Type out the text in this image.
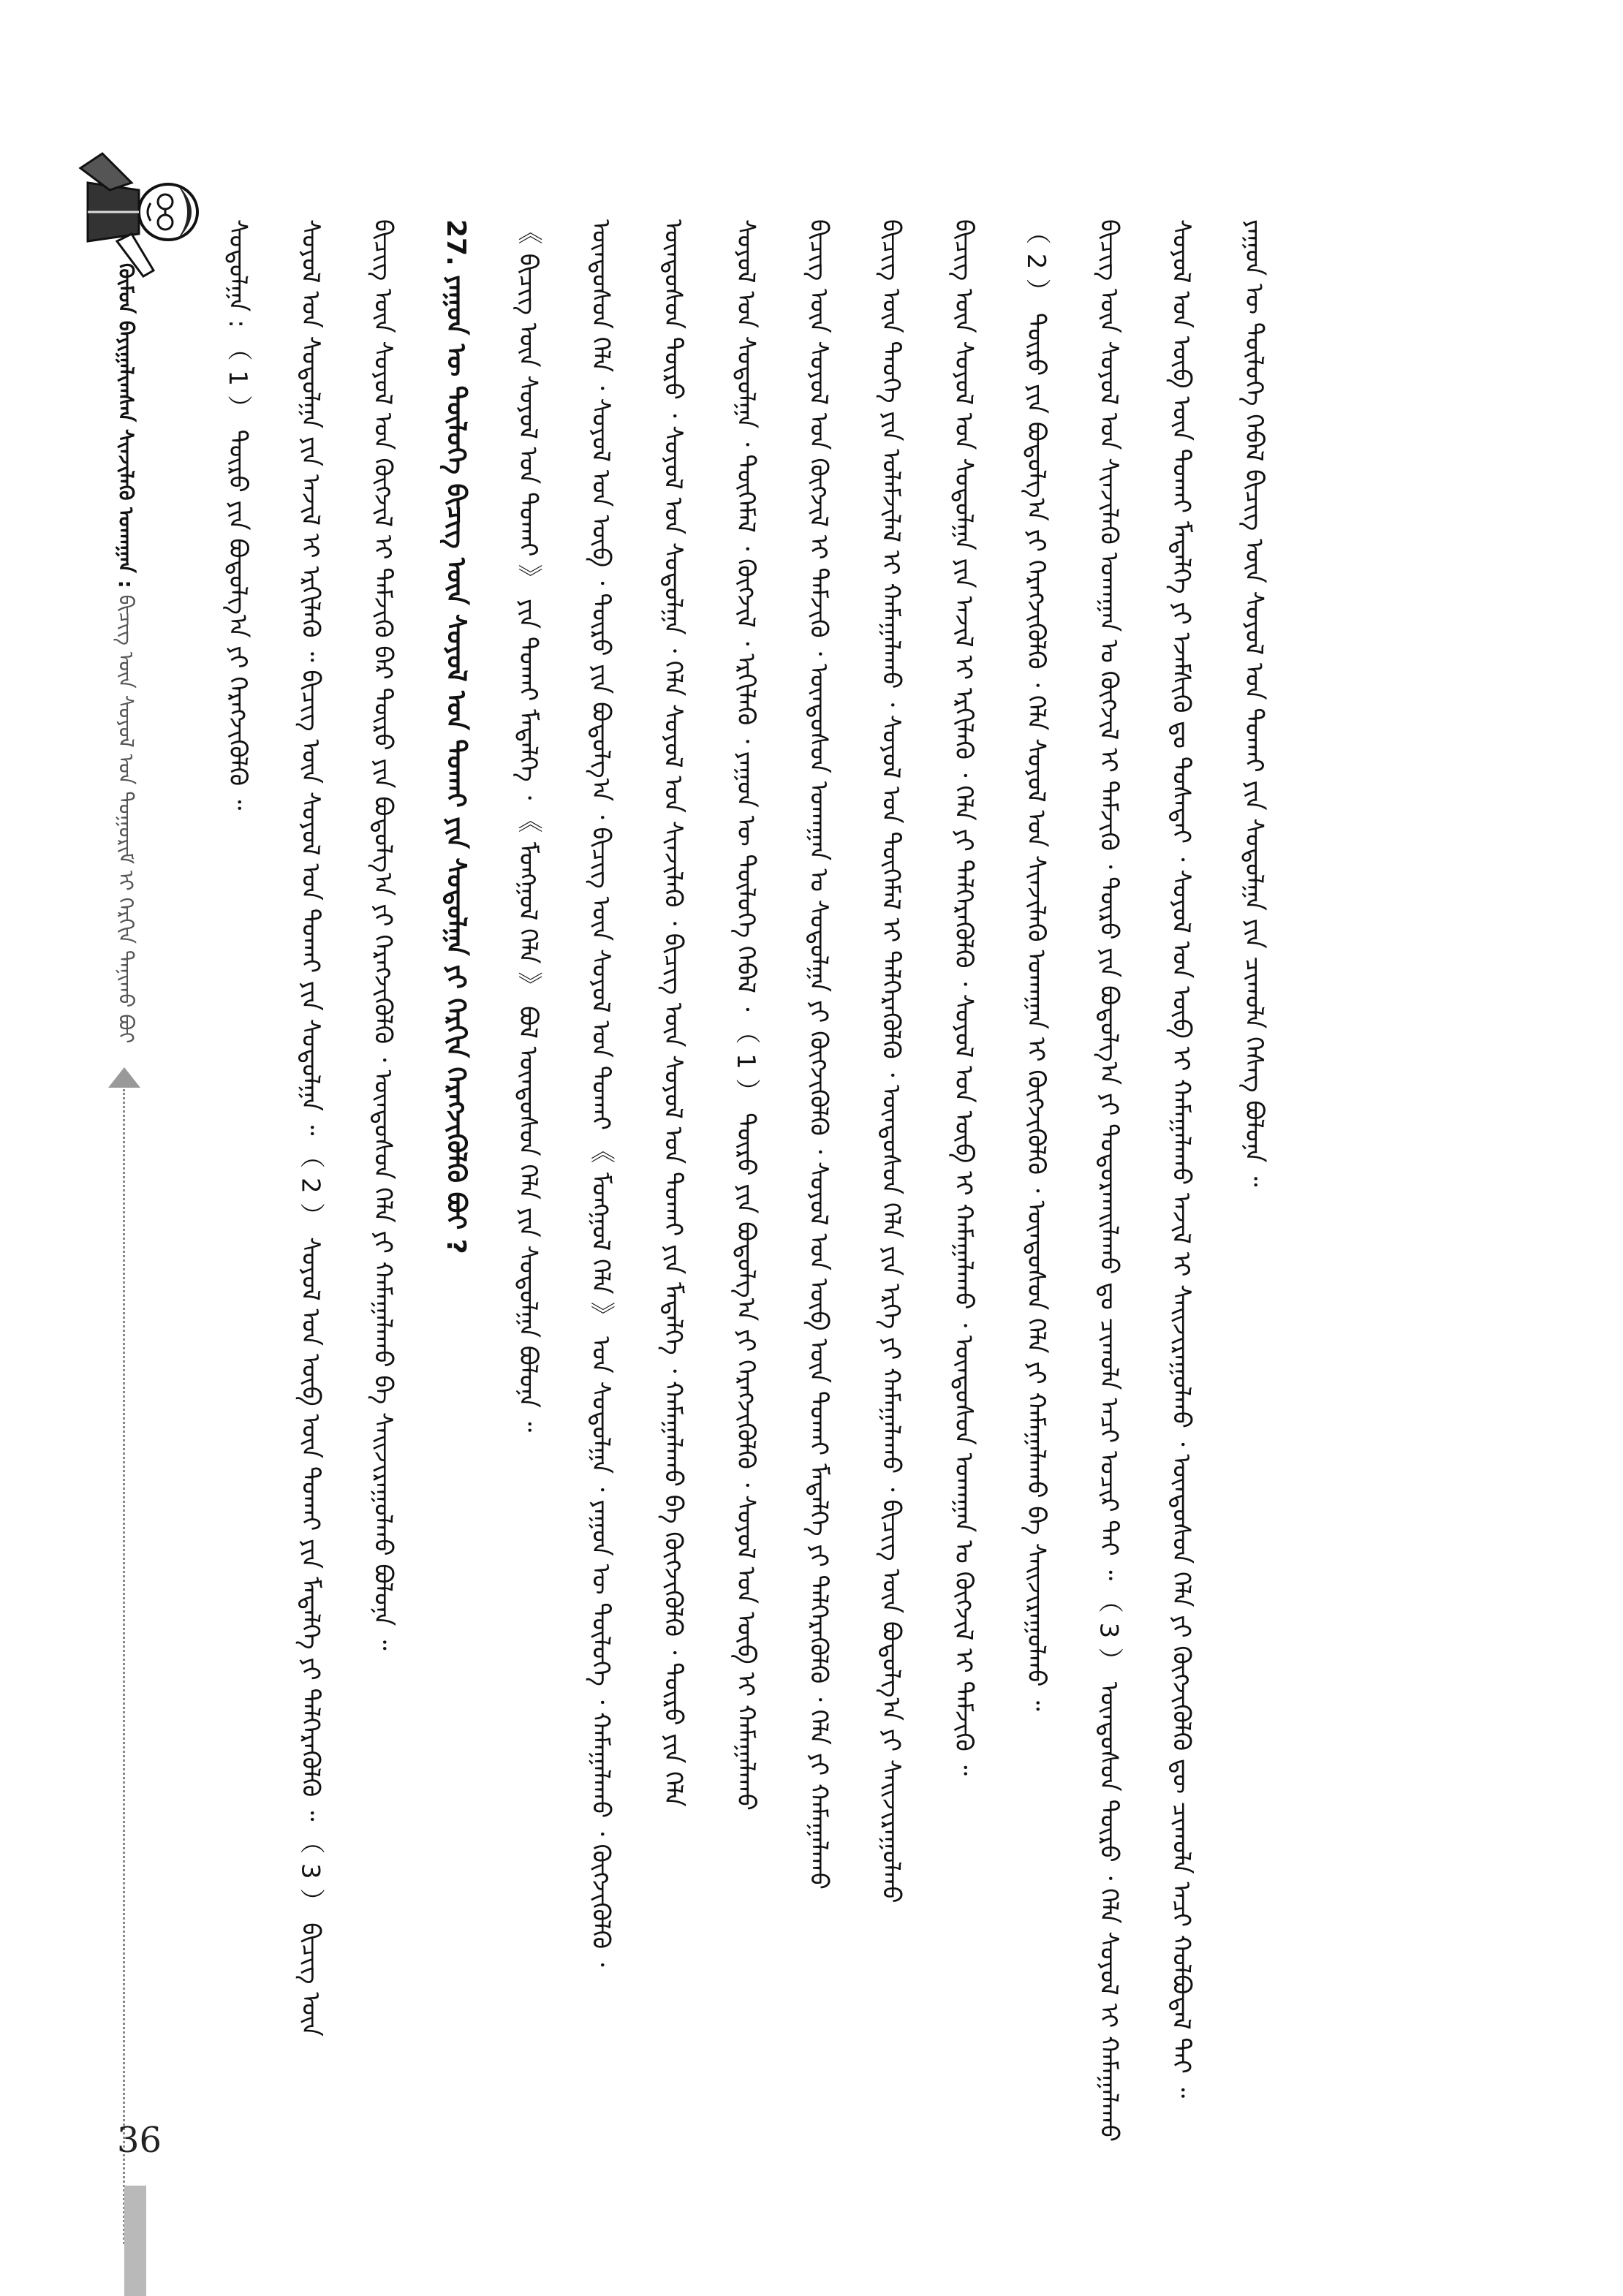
ᠬᠦᠮᠦᠨ ᠪᠠᠶᠢᠭᠠᠯᠢᠭᠰᠠᠨ ᠰᠢᠨᠵᠢᠯᠡᠬᠦ ᠤᠬᠠᠭᠠᠨ : ᠪᠢᠴᠢᠭ ᠦᠨ ᠰᠣᠶᠣᠯ ᠤᠨ ᠲᠣᠭᠤᠷᠢᠮ ᠢ ᠬᠡᠷᠬᠢᠨ ᠲᠠᠨᠢᠬᠤ ᠪᠤᠢ	ᠶᠠᠭᠤᠨ ᠦ ᠲᠥᠯᠦᠭᠡ ᠭᠡᠪᠡᠯ ᠪᠢᠴᠢᠭ ᠦᠨ ᠰᠣᠶᠣᠯ ᠤᠨ ᠲᠤᠬᠠᠢ ᠶᠢᠨ ᠰᠤᠳᠤᠯᠭᠠ ᠶᠢᠨ ᠴᠢᠬᠤᠯᠠ ᠬᠡᠰᠡᠭ ᠪᠣᠯᠤᠨᠠ ᠃
ᠰᠣᠶᠣᠯ ᠤᠨ ᠥᠪ ᠦᠨ ᠲᠤᠬᠠᠢ ᠮᠡᠳᠡᠯᠭᠡ ᠶᠢ ᠡᠵᠡᠮᠰᠢᠬᠦ ᠳᠤ ᠲᠤᠰᠠᠲᠠᠢ ᠂ ᠰᠣᠶᠣᠯ ᠤᠨ ᠥᠪ ᠢ ᠬᠠᠮᠠᠭᠠᠯᠠᠬᠤ ᠠᠵᠢᠯ ᠢ ᠰᠠᠢᠵᠢᠷᠠᠭᠤᠯᠬᠤ ᠂ ᠦᠨᠳᠦᠰᠦᠨ ᠬᠡᠯᠡ ᠶᠢ ᠬᠥᠭᠵᠢᠭᠦᠯᠬᠦ ᠳᠦ ᠴᠢᠬᠤᠯᠠ ᠠᠴᠢ ᠬᠣᠯᠪᠣᠳᠠᠯ ᠲᠠᠢ ᠃
ᠪᠢᠴᠢᠭ ᠦᠨ ᠰᠣᠶᠣᠯ ᠤᠨ ᠰᠢᠨᠵᠢᠯᠡᠬᠦ ᠤᠬᠠᠭᠠᠨ ᠤ ᠬᠥᠭᠵᠢᠯ ᠢ ᠳᠡᠮᠵᠢᠬᠦ ᠂ ᠲᠥᠷᠦ ᠶᠢᠨ ᠪᠣᠳᠣᠯᠭ᠎ᠠ ᠶᠢ ᠲᠣᠳᠤᠷᠬᠠᠢᠯᠠᠬᠤ ᠳᠤ ᠴᠢᠬᠤᠯᠠ ᠠᠴᠢ ᠤᠴᠢᠷ ᠲᠠᠢ ᠃ （ 3 ） ᠦᠨᠳᠦᠰᠦᠨ ᠲᠥᠷᠦ ᠂ ᠬᠡᠯᠡ ᠰᠣᠶᠣᠯ ᠢ ᠬᠠᠮᠠᠭᠠᠯᠠᠬᠤ
（ 2 ） ᠲᠥᠷᠦ ᠶᠢᠨ ᠪᠣᠳᠣᠯᠭ᠎ᠠ ᠶᠢ ᠬᠡᠷᠡᠭᠵᠢᠭᠦᠯᠬᠦ ᠂ ᠬᠡᠯᠡ ᠰᠣᠶᠣᠯ ᠤᠨ ᠰᠢᠨᠵᠢᠯᠡᠬᠦ ᠤᠬᠠᠭᠠᠨ ᠢ ᠬᠥᠭᠵᠢᠭᠦᠯᠬᠦ ᠂ ᠦᠨᠳᠦᠰᠦᠨ ᠬᠡᠯᠡ ᠶᠢ ᠬᠠᠮᠠᠭᠠᠯᠠᠬᠤ ᠪᠠ ᠰᠠᠢᠵᠢᠷᠠᠭᠤᠯᠬᠤ ᠃
ᠪᠢᠴᠢᠭ ᠦᠨ ᠰᠣᠶᠣᠯ ᠤᠨ ᠰᠤᠳᠤᠯᠭᠠ ᠶᠢᠨ ᠠᠵᠢᠯ ᠢ ᠡᠷᠬᠢᠯᠡᠬᠦ ᠂ ᠬᠡᠯᠡ ᠶᠢ ᠲᠡᠯᠭᠡᠷᠡᠭᠦᠯᠬᠦ ᠂ ᠰᠣᠶᠣᠯ ᠤᠨ ᠥᠪ ᠢ ᠬᠠᠮᠠᠭᠠᠯᠠᠬᠤ ᠂ ᠦᠨᠳᠦᠰᠦᠨ ᠤᠬᠠᠭᠠᠨ ᠤ ᠬᠥᠭᠵᠢᠯ ᠢ ᠳᠡᠮᠵᠢᠬᠦ ᠃
ᠪᠢᠴᠢᠭ ᠦᠨ ᠲᠡᠦᠬᠡ ᠶᠢᠨ ᠤᠯᠠᠮᠵᠢᠯᠠᠯ ᠢ ᠬᠠᠮᠠᠭᠠᠯᠠᠬᠤ ᠂ ᠰᠣᠶᠣᠯ ᠤᠨ ᠲᠦᠭᠡᠮᠡᠯ ᠢ ᠳᠡᠯᠭᠡᠷᠡᠭᠦᠯᠬᠦ ᠂ ᠦᠨᠳᠦᠰᠦᠨ ᠬᠡᠯᠡ ᠶᠢᠨ ᠡᠷᠬᠡ ᠶᠢ ᠬᠠᠮᠠᠭᠠᠯᠠᠬᠤ ᠂ ᠪᠢᠴᠢᠭ ᠦᠨ ᠪᠣᠳᠣᠯᠭ᠎ᠠ ᠶᠢ ᠰᠠᠢᠵᠢᠷᠠᠭᠤᠯᠬᠤ
ᠪᠢᠴᠢᠭ ᠦᠨ ᠰᠣᠶᠣᠯ ᠤᠨ ᠬᠥᠭᠵᠢᠯ ᠢ ᠳᠡᠮᠵᠢᠬᠦ ᠂ ᠦᠨᠳᠦᠰᠦᠨ ᠤᠬᠠᠭᠠᠨ ᠤ ᠰᠤᠳᠤᠯᠭᠠ ᠶᠢ ᠬᠥᠭᠵᠢᠭᠦᠯᠬᠦ ᠂ ᠰᠣᠶᠣᠯ ᠤᠨ ᠥᠪ ᠦᠨ ᠲᠤᠬᠠᠢ ᠮᠡᠳᠡᠯᠭᠡ ᠶᠢ ᠳᠡᠯᠭᠡᠷᠡᠭᠦᠯᠬᠦ ᠂ ᠬᠡᠯᠡ ᠶᠢ ᠬᠠᠮᠠᠭᠠᠯᠠᠬᠤ
ᠰᠣᠶᠣᠯ ᠤᠨ ᠰᠤᠳᠤᠯᠭᠠ ᠂ ᠲᠦᠭᠡᠮᠡᠯ ᠂ ᠬᠥᠭᠵᠢᠯ ᠂ ᠡᠷᠬᠢᠯᠡᠬᠦ ᠂ ᠶᠠᠭᠤᠨ ᠦ ᠲᠥᠯᠦᠭᠡ ᠭᠡᠪᠡᠯ ᠂ （ 1 ） ᠲᠥᠷᠦ ᠶᠢᠨ ᠪᠣᠳᠣᠯᠭ᠎ᠠ ᠶᠢ ᠬᠡᠷᠡᠭᠵᠢᠭᠦᠯᠬᠦ ᠂ ᠰᠣᠶᠣᠯ ᠤᠨ ᠥᠪ ᠢ ᠬᠠᠮᠠᠭᠠᠯᠠᠬᠤ
ᠦᠨᠳᠦᠰᠦᠨ ᠲᠥᠷᠦ ᠂ ᠰᠣᠶᠣᠯ ᠤᠨ ᠰᠤᠳᠤᠯᠭᠠ ᠂ ᠬᠡᠯᠡ ᠰᠣᠶᠣᠯ ᠤᠨ ᠰᠢᠨᠵᠢᠯᠡᠬᠦ ᠂ ᠪᠢᠴᠢᠭ ᠦᠨ ᠰᠣᠶᠣᠯ ᠤᠨ ᠲᠤᠬᠠᠢ ᠶᠢᠨ ᠮᠡᠳᠡᠯᠭᠡ ᠂ ᠬᠠᠮᠠᠭᠠᠯᠠᠬᠤ ᠪᠠ ᠬᠥᠭᠵᠢᠭᠦᠯᠬᠦ ᠂ ᠲᠥᠷᠦ ᠶᠢᠨ ᠬᠡᠯᠡ
ᠦᠨᠳᠦᠰᠦᠨ ᠬᠡᠯᠡ ᠂ ᠰᠣᠶᠣᠯ ᠤᠨ ᠥᠪ ᠂ ᠲᠥᠷᠦ ᠶᠢᠨ ᠪᠣᠳᠣᠯᠭ᠎ᠠ ᠂ ᠪᠢᠴᠢᠭ ᠦᠨ ᠰᠣᠶᠣᠯ ᠤᠨ ᠲᠤᠬᠠᠢ 《 ᠮᠣᠩᠭᠣᠯ ᠬᠡᠯᠡ 》 ᠤᠨ ᠰᠤᠳᠤᠯᠭᠠ ᠂ ᠶᠠᠭᠤᠨ ᠦ ᠲᠥᠯᠦᠭᠡ ᠂ ᠬᠠᠮᠠᠭᠠᠯᠠᠬᠤ ᠂ ᠬᠥᠭᠵᠢᠭᠦᠯᠬᠦ ᠂
《 ᠪᠢᠴᠢᠭ ᠦᠨ ᠰᠣᠶᠣᠯ ᠤᠨ ᠲᠤᠬᠠᠢ 》 ᠶᠢᠨ ᠲᠤᠬᠠᠢ ᠮᠡᠳᠡᠯᠭᠡ ᠂ 《 ᠮᠣᠩᠭᠣᠯ ᠬᠡᠯᠡ 》 ᠪᠣᠯ ᠦᠨᠳᠦᠰᠦᠨ ᠬᠡᠯᠡ ᠶᠢᠨ ᠰᠤᠳᠤᠯᠭᠠ ᠪᠣᠯᠤᠨᠠ ᠃
27. ᠶᠠᠭᠤᠨ ᠦ ᠲᠥᠯᠦᠭᠡ ᠪᠢᠴᠢᠭ ᠦᠨ ᠰᠣᠶᠣᠯ ᠤᠨ ᠲᠤᠬᠠᠢ ᠶᠢᠨ ᠰᠤᠳᠤᠯᠭᠠ ᠶᠢ ᠬᠡᠷᠬᠢᠨ ᠬᠡᠷᠡᠭᠵᠢᠭᠦᠯᠬᠦ ᠪᠤᠢ ?
ᠪᠢᠴᠢᠭ ᠦᠨ ᠰᠣᠶᠣᠯ ᠤᠨ ᠬᠥᠭᠵᠢᠯ ᠢ ᠳᠡᠮᠵᠢᠬᠦ ᠪᠡᠷ ᠲᠥᠷᠦ ᠶᠢᠨ ᠪᠣᠳᠣᠯᠭ᠎ᠠ ᠶᠢ ᠬᠡᠷᠡᠭᠵᠢᠭᠦᠯᠬᠦ ᠂ ᠦᠨᠳᠦᠰᠦᠨ ᠬᠡᠯᠡ ᠶᠢ ᠬᠠᠮᠠᠭᠠᠯᠠᠬᠤ ᠪᠠ ᠰᠠᠢᠵᠢᠷᠠᠭᠤᠯᠬᠤ ᠪᠣᠯᠤᠨᠠ ᠃
ᠰᠣᠶᠣᠯ ᠤᠨ ᠰᠤᠳᠤᠯᠭᠠ ᠶᠢᠨ ᠠᠵᠢᠯ ᠢ ᠡᠷᠬᠢᠯᠡᠬᠦ ᠃ ᠪᠢᠴᠢᠭ ᠦᠨ ᠰᠣᠶᠣᠯ ᠤᠨ ᠲᠤᠬᠠᠢ ᠶᠢᠨ ᠰᠤᠳᠤᠯᠭᠠ ᠃ （ 2 ） ᠰᠣᠶᠣᠯ ᠤᠨ ᠥᠪ ᠦᠨ ᠲᠤᠬᠠᠢ ᠶᠢᠨ ᠮᠡᠳᠡᠯᠭᠡ ᠶᠢ ᠳᠡᠯᠭᠡᠷᠡᠭᠦᠯᠬᠦ ᠃ （ 3 ） ᠪᠢᠴᠢᠭ ᠦᠨ
ᠰᠤᠳᠤᠯᠭᠠ : （ 1 ） ᠲᠥᠷᠦ ᠶᠢᠨ ᠪᠣᠳᠣᠯᠭ᠎ᠠ ᠶᠢ ᠬᠡᠷᠡᠭᠵᠢᠭᠦᠯᠬᠦ ᠃
36
